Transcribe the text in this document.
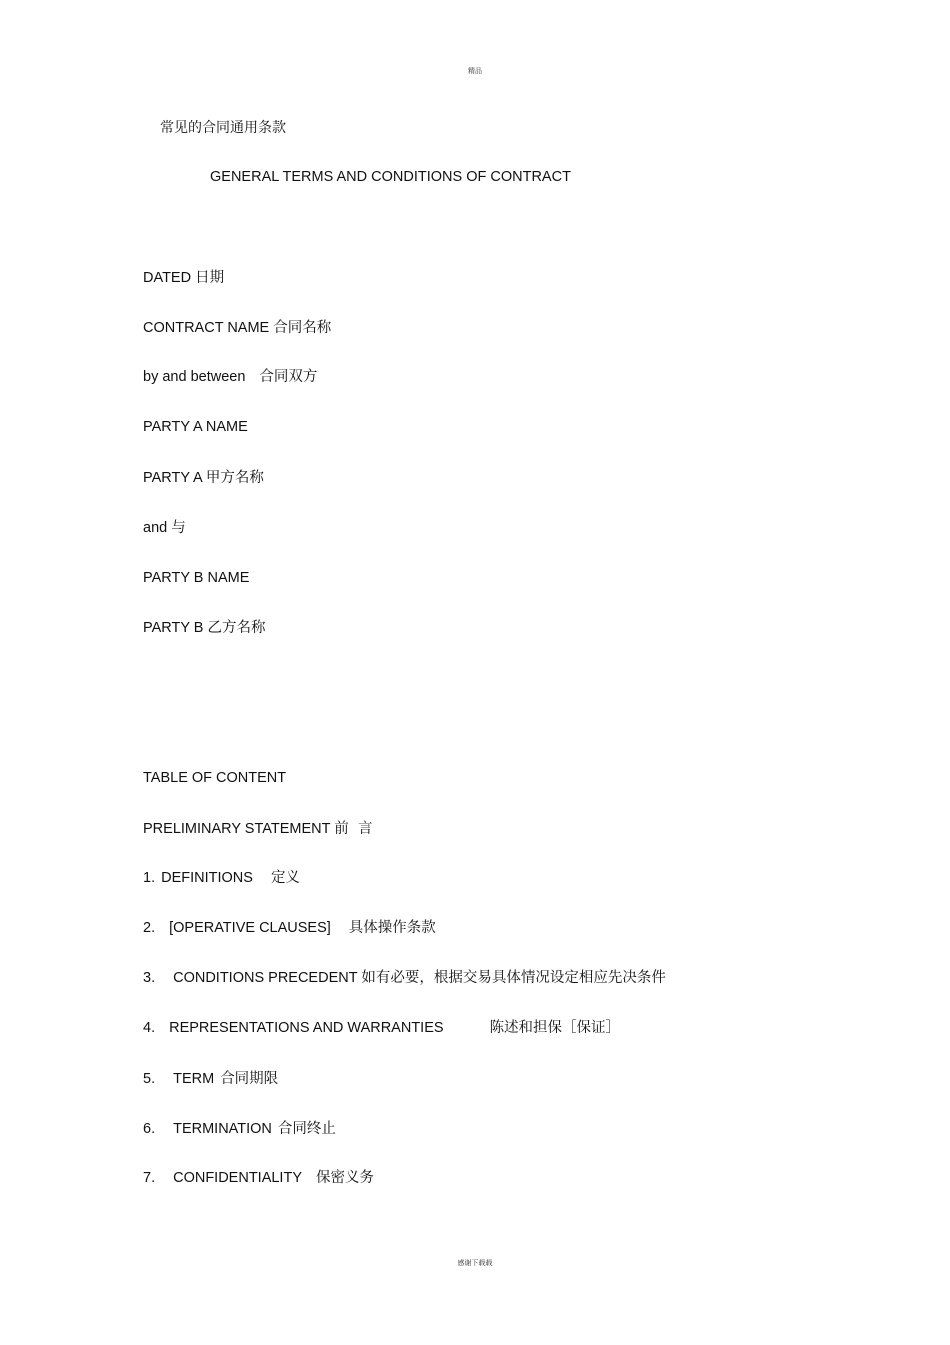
精品
常见的合同通用条款
GENERAL TERMS AND CONDITIONS OF CONTRACT
DATED 日期
CONTRACT NAME 合同名称
by and between 合同双方
PARTY A NAME
PARTY A 甲方名称
and 与
PARTY B NAME
PARTY B 乙方名称
TABLE OF CONTENT
PRELIMINARY STATEMENT 前  言
1. DEFINITIONS 定义
2. [OPERATIVE CLAUSES] 具体操作条款
3. CONDITIONS PRECEDENT 如有必要，根据交易具体情况设定相应先决条件
4. REPRESENTATIONS AND WARRANTIES	陈述和担保［保证］
5. TERM 合同期限
6. TERMINATION 合同终止
7. CONFIDENTIALITY 保密义务
感谢下载载
